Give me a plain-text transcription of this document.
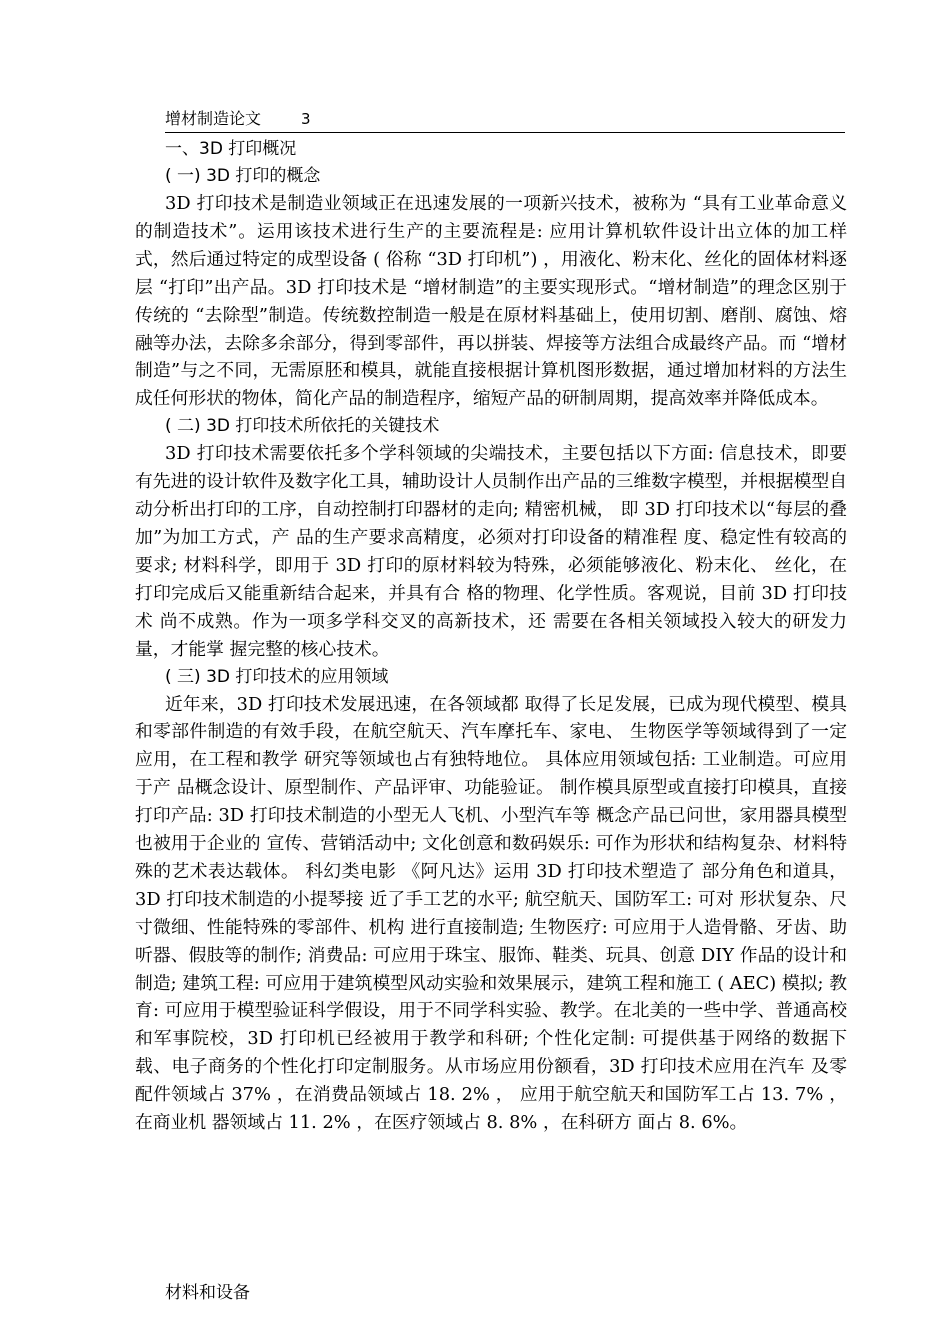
增材制造论文	3
一、3D 打印概况
( 一) 3D 打印的概念

3D 打印技术是制造业领域正在迅速发展的一项新兴技术，被称为 “具有工业革命意义的制造技术”。运用该技术进行生产的主要流程是: 应用计算机软件设计出立体的加工样式，然后通过特定的成型设备 ( 俗称 “3D 打印机”) ，用液化、粉末化、丝化的固体材料逐层 “打印”出产品。3D 打印技术是 “增材制造”的主要实现形式。“增材制造”的理念区别于传统的 “去除型”制造。传统数控制造一般是在原材料基础上，使用切割、磨削、腐蚀、熔融等办法，去除多余部分，得到零部件，再以拼装、焊接等方法组合成最终产品。而 “增材制造”与之不同，无需原胚和模具，就能直接根据计算机图形数据，通过增加材料的方法生成任何形状的物体，简化产品的制造程序，缩短产品的研制周期，提高效率并降低成本。

( 二) 3D 打印技术所依托的关键技术

3D 打印技术需要依托多个学科领域的尖端技术，主要包括以下方面: 信息技术，即要有先进的设计软件及数字化工具，辅助设计人员制作出产品的三维数字模型，并根据模型自动分析出打印的工序，自动控制打印器材的走向; 精密机械， 即 3D 打印技术以“每层的叠加”为加工方式，产 品的生产要求高精度，必须对打印设备的精准程 度、稳定性有较高的要求; 材料科学，即用于 3D 打印的原材料较为特殊，必须能够液化、粉末化、 丝化，在打印完成后又能重新结合起来，并具有合 格的物理、化学性质。客观说，目前 3D 打印技术 尚不成熟。作为一项多学科交叉的高新技术，还 需要在各相关领域投入较大的研发力量，才能掌 握完整的核心技术。

( 三) 3D 打印技术的应用领域

近年来，3D 打印技术发展迅速，在各领域都 取得了长足发展，已成为现代模型、模具和零部件制造的有效手段，在航空航天、汽车摩托车、家电、 生物医学等领域得到了一定应用，在工程和教学 研究等领域也占有独特地位。 具体应用领域包括: 工业制造。可应用于产 品概念设计、原型制作、产品评审、功能验证。 制作模具原型或直接打印模具，直接打印产品: 3D 打印技术制造的小型无人飞机、小型汽车等 概念产品已问世，家用器具模型也被用于企业的 宣传、营销活动中; 文化创意和数码娱乐: 可作为形状和结构复杂、材料特殊的艺术表达载体。 科幻类电影 《阿凡达》运用 3D 打印技术塑造了 部分角色和道具，3D 打印技术制造的小提琴接 近了手工艺的水平; 航空航天、国防军工: 可对 形状复杂、尺寸微细、性能特殊的零部件、机构 进行直接制造; 生物医疗: 可应用于人造骨骼、牙齿、助听器、假肢等的制作; 消费品: 可应用于珠宝、服饰、鞋类、玩具、创意 DIY 作品的设计和制造; 建筑工程: 可应用于建筑模型风动实验和效果展示，建筑工程和施工 ( AEC) 模拟; 教育: 可应用于模型验证科学假设，用于不同学科实验、教学。在北美的一些中学、普通高校和军事院校，3D 打印机已经被用于教学和科研; 个性化定制: 可提供基于网络的数据下载、电子商务的个性化打印定制服务。从市场应用份额看，3D 打印技术应用在汽车 及零配件领域占 37% ，在消费品领域占 18. 2% ， 应用于航空航天和国防军工占 13. 7% ，在商业机 器领域占 11. 2% ，在医疗领域占 8. 8% ，在科研方 面占 8. 6%。

材料和设备
